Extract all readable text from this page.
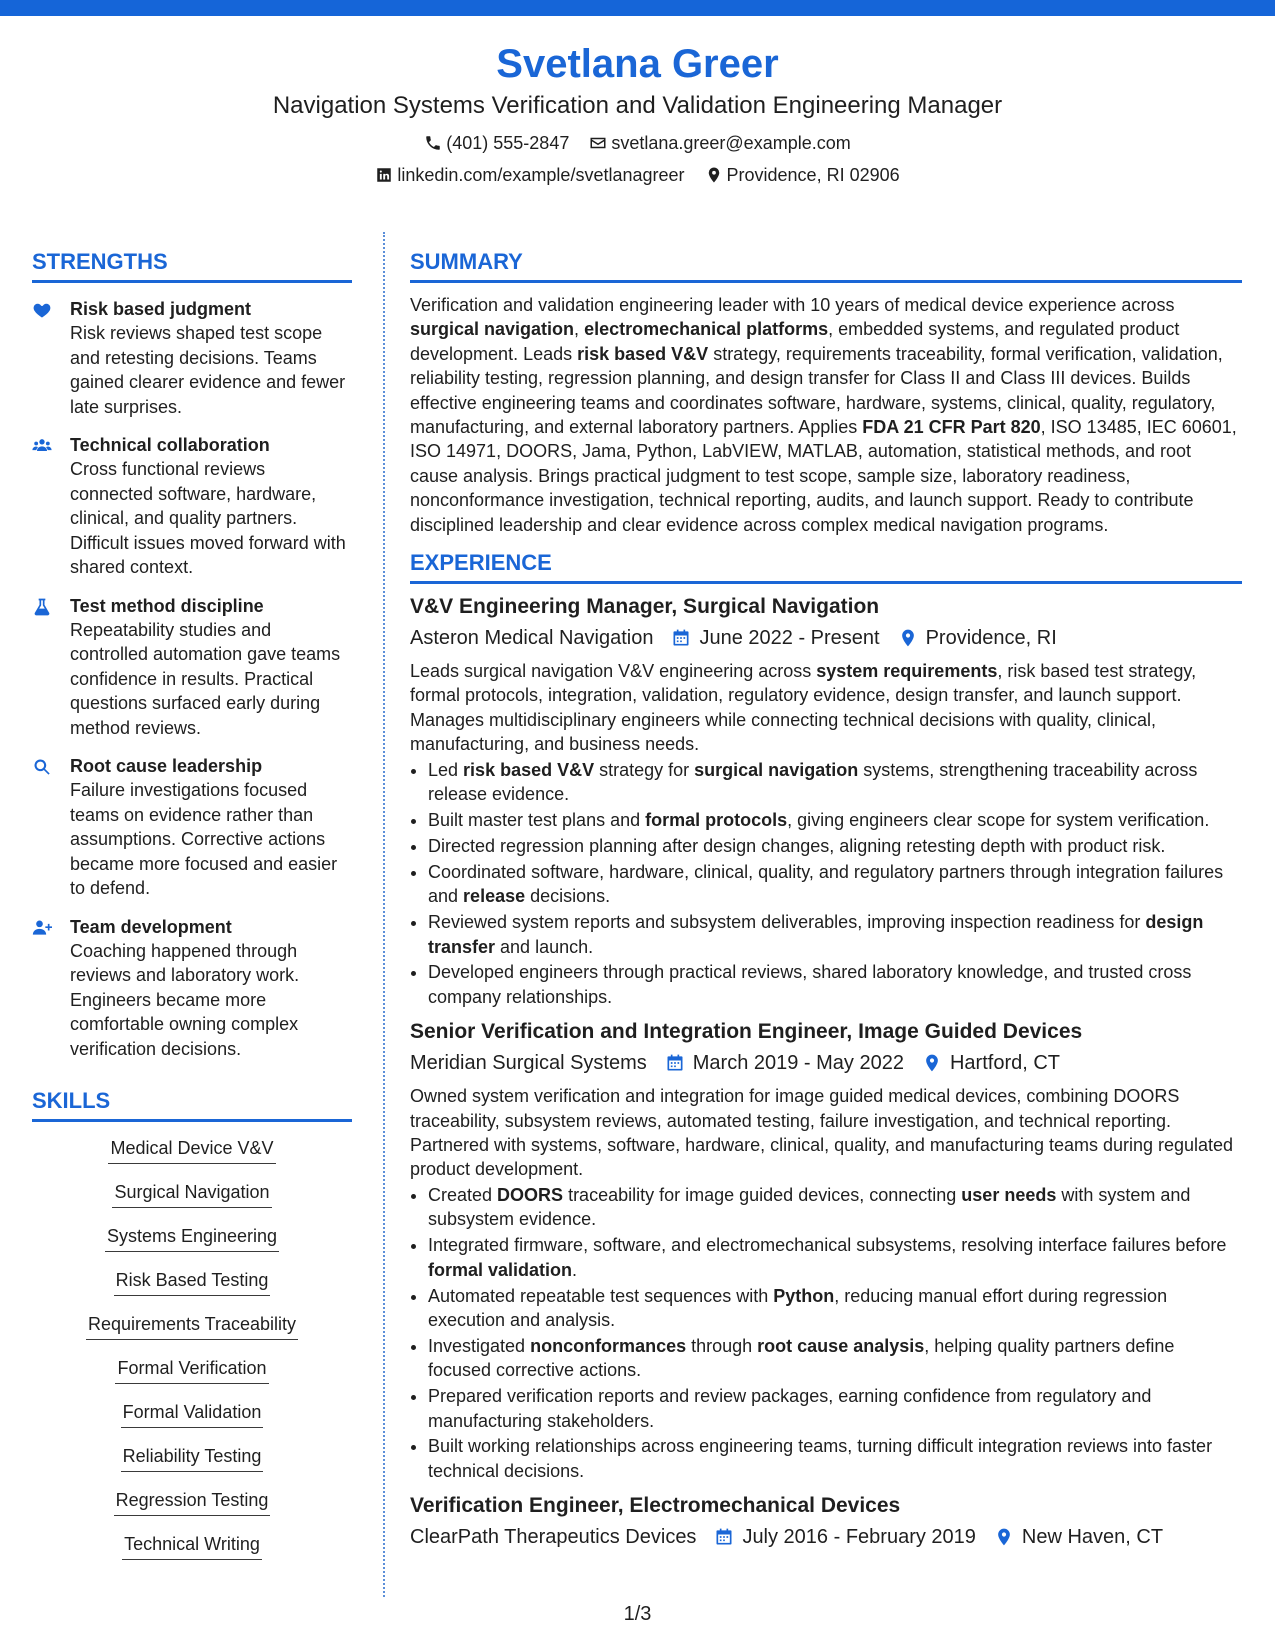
Svetlana Greer
Navigation Systems Verification and Validation Engineering Manager
(401) 555-2847 svetlana.greer@example.com
linkedin.com/example/svetlanagreer Providence, RI 02906
STRENGTHS
Risk based judgment
Risk reviews shaped test scope and retesting decisions. Teams gained clearer evidence and fewer late surprises.
Technical collaboration
Cross functional reviews connected software, hardware, clinical, and quality partners. Difficult issues moved forward with shared context.
Test method discipline
Repeatability studies and controlled automation gave teams confidence in results. Practical questions surfaced early during method reviews.
Root cause leadership
Failure investigations focused teams on evidence rather than assumptions. Corrective actions became more focused and easier to defend.
Team development
Coaching happened through reviews and laboratory work. Engineers became more comfortable owning complex verification decisions.
SKILLS
Medical Device V&V
Surgical Navigation
Systems Engineering
Risk Based Testing
Requirements Traceability
Formal Verification
Formal Validation
Reliability Testing
Regression Testing
Technical Writing
SUMMARY
Verification and validation engineering leader with 10 years of medical device experience across surgical navigation, electromechanical platforms, embedded systems, and regulated product development. Leads risk based V&V strategy, requirements traceability, formal verification, validation, reliability testing, regression planning, and design transfer for Class II and Class III devices. Builds effective engineering teams and coordinates software, hardware, systems, clinical, quality, regulatory, manufacturing, and external laboratory partners. Applies FDA 21 CFR Part 820, ISO 13485, IEC 60601, ISO 14971, DOORS, Jama, Python, LabVIEW, MATLAB, automation, statistical methods, and root cause analysis. Brings practical judgment to test scope, sample size, laboratory readiness, nonconformance investigation, technical reporting, audits, and launch support. Ready to contribute disciplined leadership and clear evidence across complex medical navigation programs.
EXPERIENCE
V&V Engineering Manager, Surgical Navigation
Asteron Medical Navigation June 2022 - Present Providence, RI
Leads surgical navigation V&V engineering across system requirements, risk based test strategy, formal protocols, integration, validation, regulatory evidence, design transfer, and launch support. Manages multidisciplinary engineers while connecting technical decisions with quality, clinical, manufacturing, and business needs.
• Led risk based V&V strategy for surgical navigation systems, strengthening traceability across release evidence.
• Built master test plans and formal protocols, giving engineers clear scope for system verification.
• Directed regression planning after design changes, aligning retesting depth with product risk.
• Coordinated software, hardware, clinical, quality, and regulatory partners through integration failures and release decisions.
• Reviewed system reports and subsystem deliverables, improving inspection readiness for design transfer and launch.
• Developed engineers through practical reviews, shared laboratory knowledge, and trusted cross company relationships.
Senior Verification and Integration Engineer, Image Guided Devices
Meridian Surgical Systems March 2019 - May 2022 Hartford, CT
Owned system verification and integration for image guided medical devices, combining DOORS traceability, subsystem reviews, automated testing, failure investigation, and technical reporting. Partnered with systems, software, hardware, clinical, quality, and manufacturing teams during regulated product development.
• Created DOORS traceability for image guided devices, connecting user needs with system and subsystem evidence.
• Integrated firmware, software, and electromechanical subsystems, resolving interface failures before formal validation.
• Automated repeatable test sequences with Python, reducing manual effort during regression execution and analysis.
• Investigated nonconformances through root cause analysis, helping quality partners define focused corrective actions.
• Prepared verification reports and review packages, earning confidence from regulatory and manufacturing stakeholders.
• Built working relationships across engineering teams, turning difficult integration reviews into faster technical decisions.
Verification Engineer, Electromechanical Devices
ClearPath Therapeutics Devices July 2016 - February 2019 New Haven, CT
1/3
